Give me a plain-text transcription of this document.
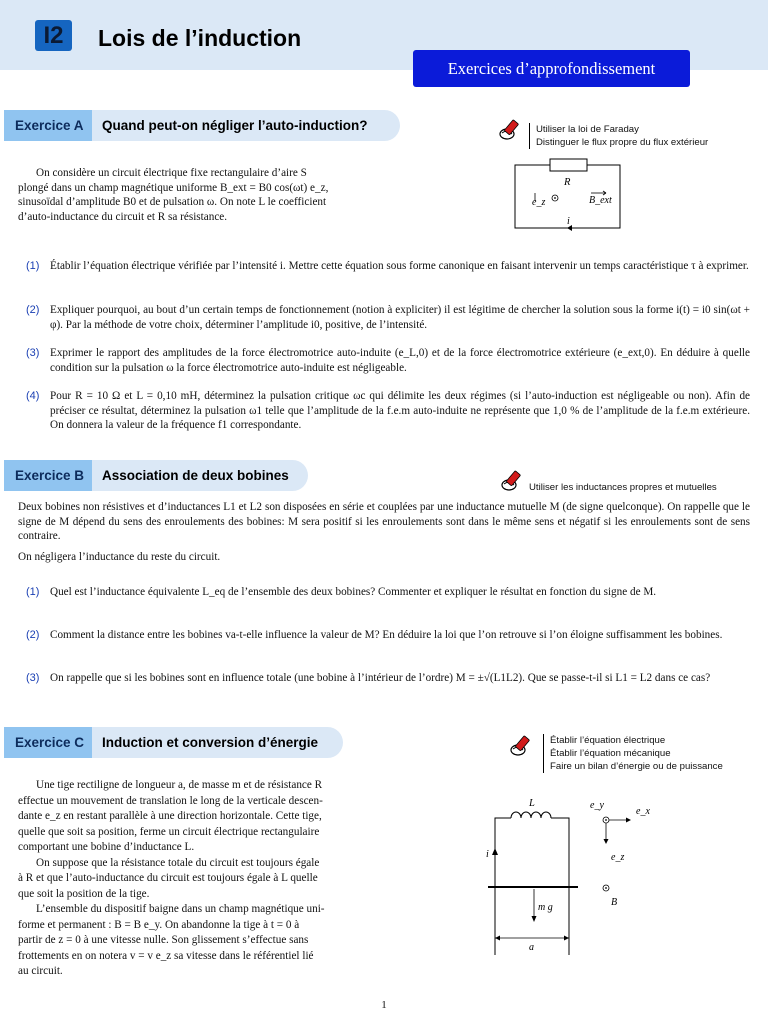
I2	Lois de l’induction
Exercices d’approfondissement
Exercice A	Quand peut-on négliger l’auto-induction?	Utiliser la loi de Faraday
Distinguer le flux propre du flux extérieur
On considère un circuit électrique fixe rectangulaire d’aire S
plongé dans un champ magnétique uniforme B_ext = B0 cos(ωt) e_z,
sinusoïdal d’amplitude B0 et de pulsation ω. On note L le coefficient
d’auto-inductance du circuit et R sa résistance.
R
e_z	B_ext
i
(1) Établir l’équation électrique vérifiée par l’intensité i. Mettre cette équation sous forme canonique en faisant intervenir un temps caractéristique τ à exprimer.
(2) Expliquer pourquoi, au bout d’un certain temps de fonctionnement (notion à expliciter) il est légitime de chercher la solution sous la forme i(t) = i0 sin(ωt + φ). Par la méthode de votre choix, déterminer l’amplitude i0, positive, de l’intensité.
(3) Exprimer le rapport des amplitudes de la force électromotrice auto-induite (e_L,0) et de la force électromotrice extérieure (e_ext,0). En déduire à quelle condition sur la pulsation ω la force électromotrice auto-induite est négligeable.
(4) Pour R = 10 Ω et L = 0,10 mH, déterminez la pulsation critique ωc qui délimite les deux régimes (si l’auto-induction est négligeable ou non). Afin de préciser ce résultat, déterminez la pulsation ω1 telle que l’amplitude de la f.e.m auto-induite ne représente que 1,0 % de l’amplitude de la f.e.m extérieure. On donnera la valeur de la fréquence f1 correspondante.
Exercice B	Association de deux bobines
Utiliser les inductances propres et mutuelles
Deux bobines non résistives et d’inductances L1 et L2 son disposées en série et couplées par une inductance mutuelle M (de signe quelconque). On rappelle que le signe de M dépend du sens des enroulements des bobines: M sera positif si les enroulements sont dans le même sens et négatif si les enroulements sont de sens contraire.
On négligera l’inductance du reste du circuit.
(1) Quel est l’inductance équivalente L_eq de l’ensemble des deux bobines? Commenter et expliquer le résultat en fonction du signe de M.
(2) Comment la distance entre les bobines va-t-elle influence la valeur de M? En déduire la loi que l’on retrouve si l’on éloigne suffisamment les bobines.
(3) On rappelle que si les bobines sont en influence totale (une bobine à l’intérieur de l’ordre) M = ±√(L1L2). Que se passe-t-il si L1 = L2 dans ce cas?
Exercice C	Induction et conversion d’énergie	Établir l’équation électrique
Établir l’équation mécanique
Faire un bilan d’énergie ou de puissance
Une tige rectiligne de longueur a, de masse m et de résistance R
effectue un mouvement de translation le long de la verticale descen-
dante e_z en restant parallèle à une direction horizontale. Cette tige,
quelle que soit sa position, ferme un circuit électrique rectangulaire
comportant une bobine d’inductance L.
On suppose que la résistance totale du circuit est toujours égale
à R et que l’auto-inductance du circuit est toujours égale à L quelle
que soit la position de la tige.
L’ensemble du dispositif baigne dans un champ magnétique uni-
forme et permanent : B = B e_y. On abandonne la tige à t = 0 à
partir de z = 0 à une vitesse nulle. Son glissement s’effectue sans
frottements en on notera v = v e_z sa vitesse dans le référentiel lié
au circuit.
L
i
m g
a
e_y
e_x
e_z
B
1
